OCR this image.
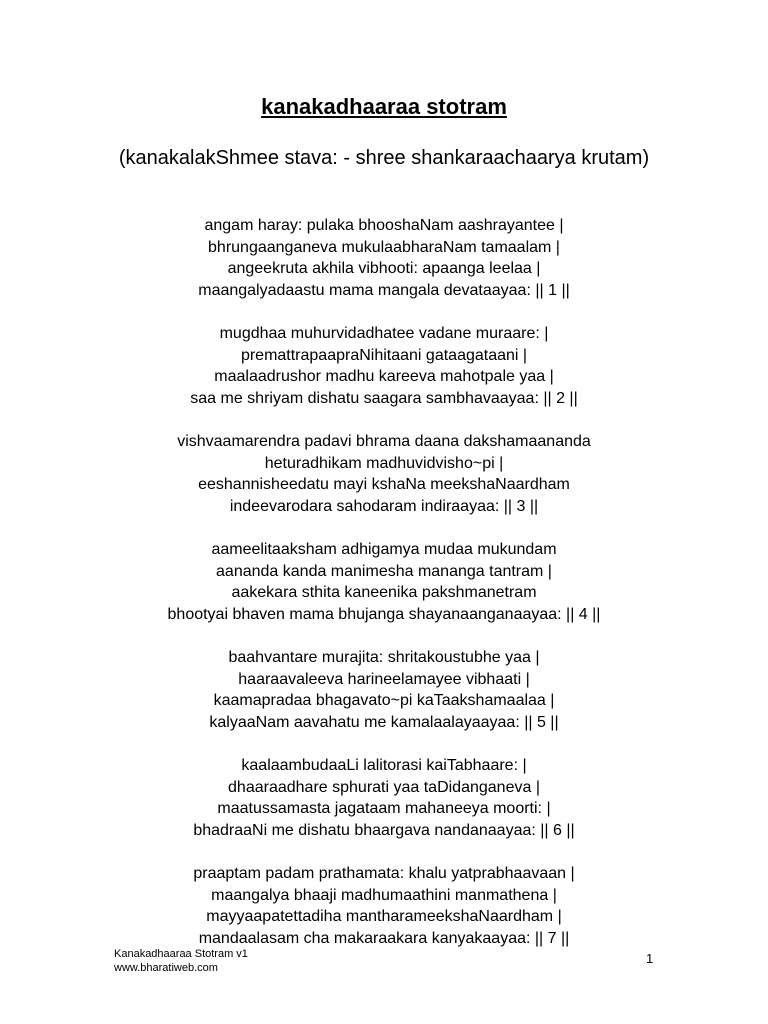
kanakadhaaraa stotram
(kanakalakShmee stava: - shree shankaraachaarya krutam)
angam haray: pulaka bhooshaNam aashrayantee |
bhrungaanganeva mukulaabharaNam tamaalam |
angeekruta akhila vibhooti: apaanga leelaa |
maangalyadaastu mama mangala devataayaa: || 1 ||
mugdhaa muhurvidadhatee vadane muraare: |
premattrapaapraNihitaani gataagataani |
maalaadrushor madhu kareeva mahotpale yaa |
saa me shriyam dishatu saagara sambhavaayaa: || 2 ||
vishvaamarendra padavi bhrama daana dakshamaananda
heturadhikam madhuvidvisho~pi |
eeshannisheedatu mayi kshaNa meekshaNaardham
indeevarodara sahodaram indiraayaa: || 3 ||
aameelitaaksham adhigamya mudaa mukundam
aananda kanda manimesha mananga tantram |
aakekara sthita kaneenika pakshmanetram
bhootyai bhaven mama bhujanga shayanaanganaayaa: || 4 ||
baahvantare murajita: shritakoustubhe yaa |
haaraavaleeva harineelamayee vibhaati |
kaamapradaa bhagavato~pi kaTaakshamaalaa |
kalyaaNam aavahatu me kamalaalayaayaa: || 5 ||
kaalaambudaaLi lalitorasi kaiTabhaare: |
dhaaraadhare sphurati yaa taDidanganeva |
maatussamasta jagataam mahaneeya moorti: |
bhadraaNi me dishatu bhaargava nandanaayaa: || 6 ||
praaptam padam prathamata: khalu yatprabhaavaan |
maangalya bhaaji madhumaathini manmathena |
mayyaapatettadiha mantharameekshaNaardham |
mandaalasam cha makaraakara kanyakaayaa: || 7 ||
Kanakadhaaraa Stotram v1
www.bharatiweb.com
1
